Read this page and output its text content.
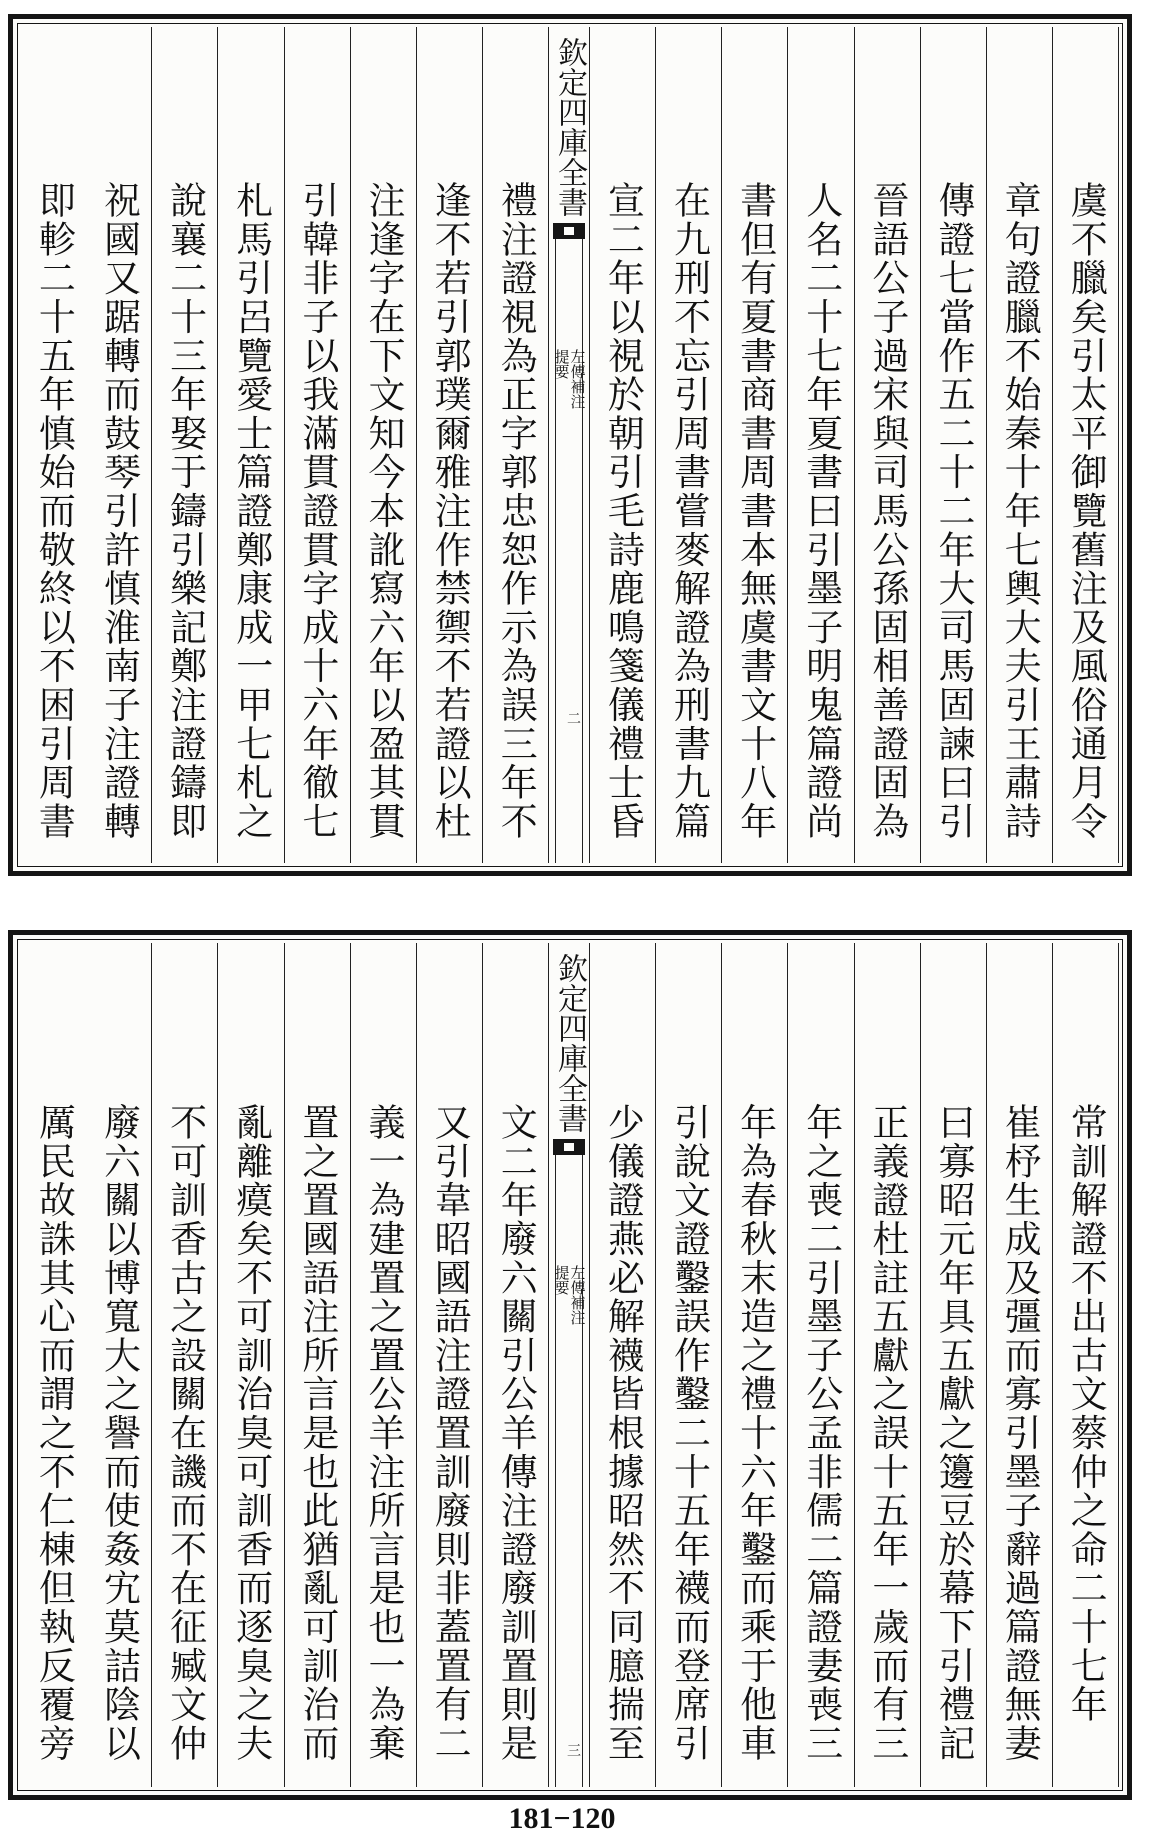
虞不臘矣引太平御覽舊注及風俗通月令
章句證臘不始秦十年七輿大夫引王肅詩
傳證七當作五二十二年大司馬固諫曰引
晉語公子過宋與司馬公孫固相善證固為
人名二十七年夏書曰引墨子明鬼篇證尚
書但有夏書商書周書本無虞書文十八年
在九刑不忘引周書嘗麥解證為刑書九篇
宣二年以視於朝引毛詩鹿鳴箋儀禮士昏
欽定四庫全書
左傳補注
提要
二
禮注證視為正字郭忠恕作示為誤三年不
逢不若引郭璞爾雅注作禁禦不若證以杜
注逢字在下文知今本訛寫六年以盈其貫
引韓非子以我滿貫證貫字成十六年徹七
札馬引呂覽愛士篇證鄭康成一甲七札之
說襄二十三年娶于鑄引樂記鄭注證鑄即
祝國又踞轉而鼓琴引許慎淮南子注證轉
即軫二十五年慎始而敬終以不困引周書
常訓解證不出古文蔡仲之命二十七年
崔杼生成及彊而寡引墨子辭過篇證無妻
曰寡昭元年具五獻之籩豆於幕下引禮記
正義證杜註五獻之誤十五年一歲而有三
年之喪二引墨子公孟非儒二篇證妻喪三
年為春秋末造之禮十六年鑿而乘于他車
引說文證鑿誤作鑿二十五年襪而登席引
少儀證燕必解襪皆根據昭然不同臆揣至
欽定四庫全書
左傳補注
提要
三
文二年廢六關引公羊傳注證廢訓置則是
又引韋昭國語注證置訓廢則非蓋置有二
義一為建置之置公羊注所言是也一為棄
置之置國語注所言是也此猶亂可訓治而
亂離瘼矣不可訓治臭可訓香而逐臭之夫
不可訓香古之設關在譏而不在征臧文仲
廢六關以博寬大之譽而使姦宄莫詰陰以
厲民故誅其心而謂之不仁棟但執反覆旁
181−120
